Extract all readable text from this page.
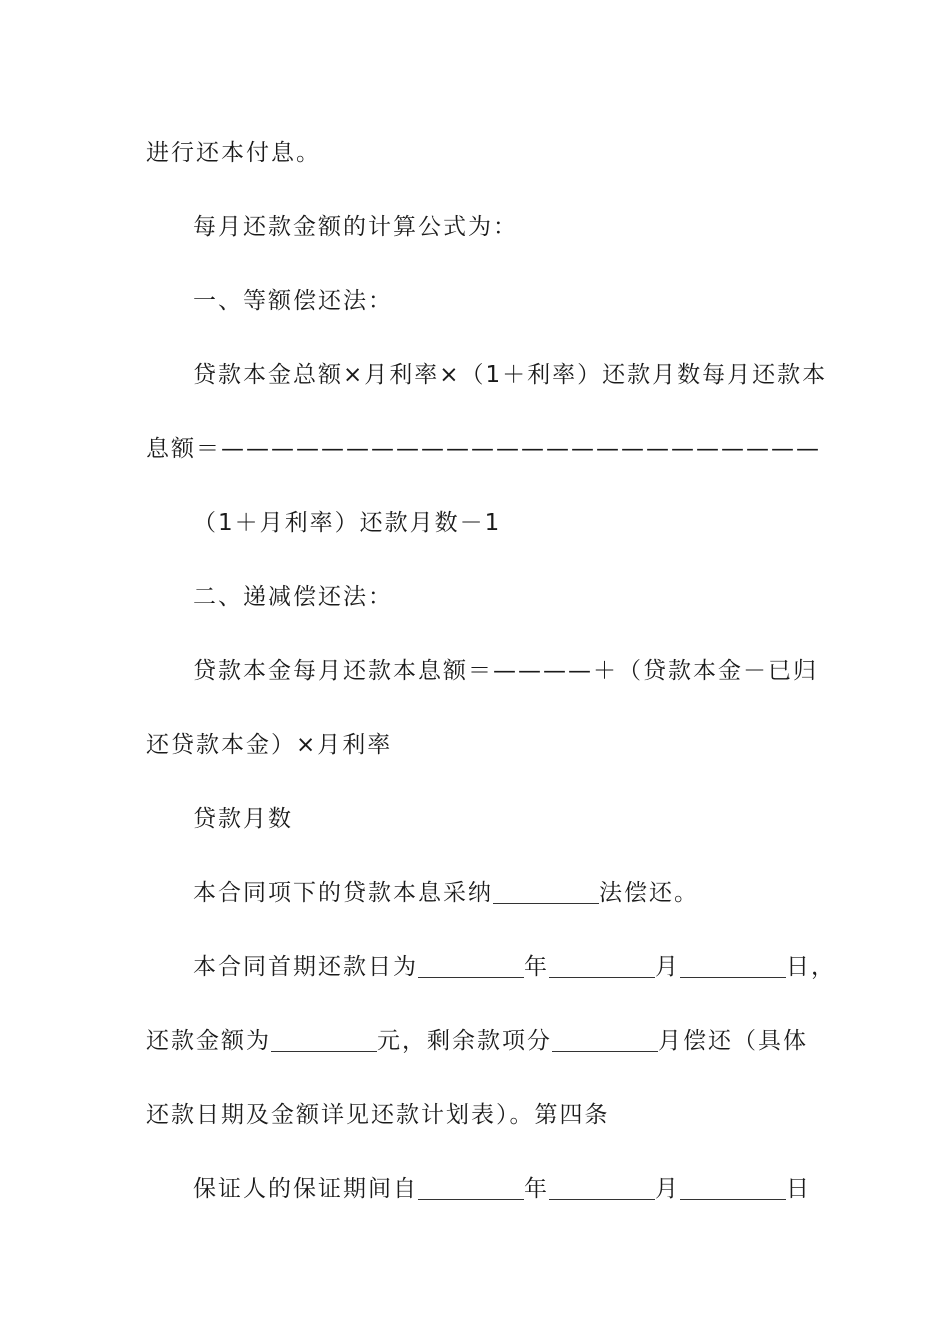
进行还本付息。
每月还款金额的计算公式为：
一、等额偿还法：
贷款本金总额×月利率×（1＋利率）还款月数每月还款本
息额＝————————————————————————
（1＋月利率）还款月数－1
二、递减偿还法：
贷款本金每月还款本息额＝————＋（贷款本金－已归
还贷款本金）×月利率
贷款月数
本合同项下的贷款本息采纳	法偿还。
本合同首期还款日为	年	月	日，
还款金额为	元，剩余款项分	月偿还（具体
还款日期及金额详见还款计划表）。第四条
保证人的保证期间自	年	月	日
